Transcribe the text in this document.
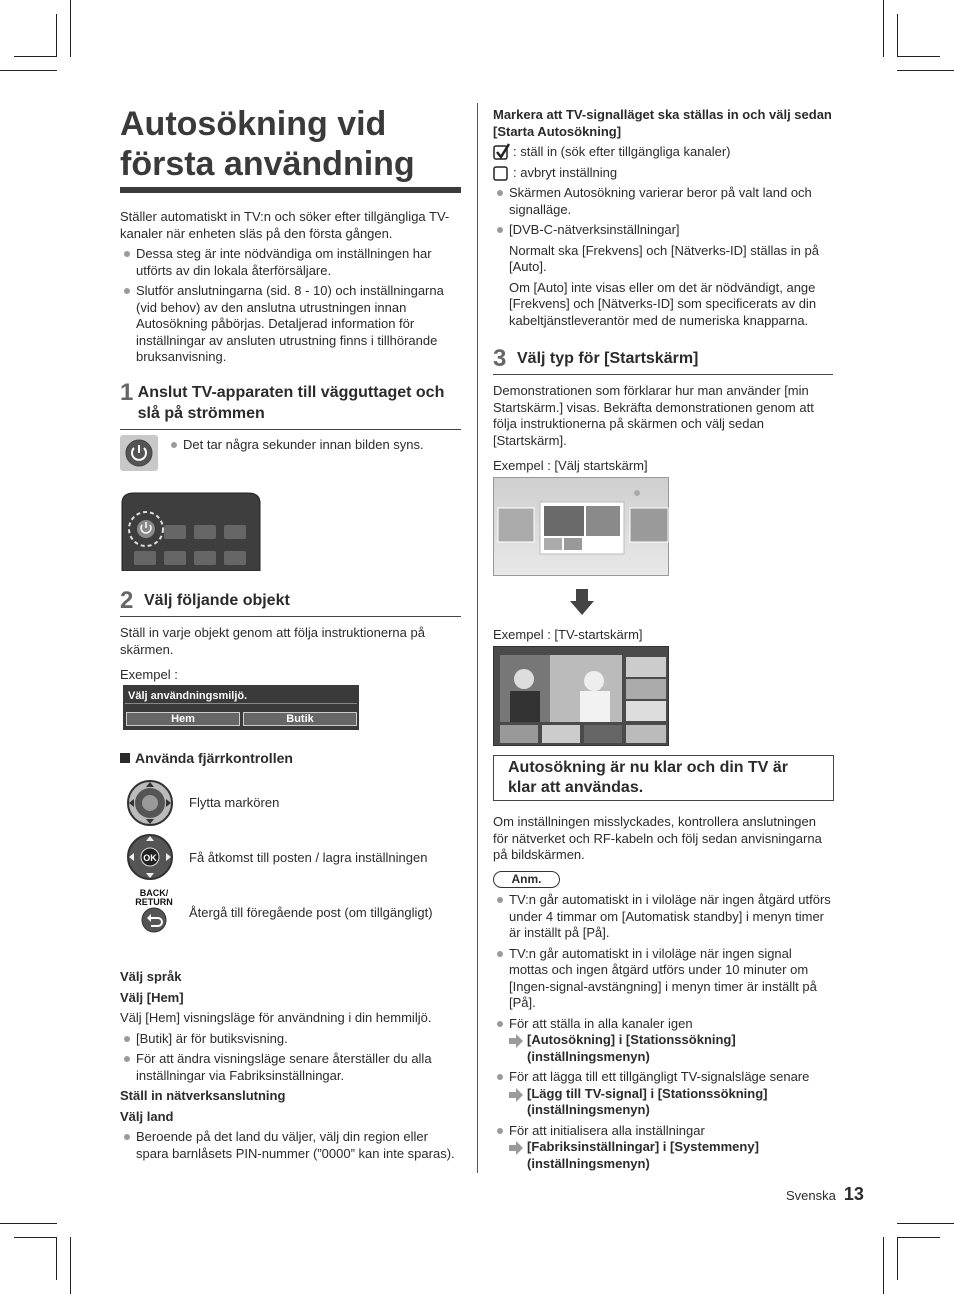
Autosökning vid första användning

Ställer automatiskt in TV:n och söker efter tillgängliga TV-kanaler när enheten släs på den första gången.

Dessa steg är inte nödvändiga om inställningen har utförts av din lokala återförsäljare.

Slutför anslutningarna (sid. 8 - 10) och inställningarna (vid behov) av den anslutna utrustningen innan Autosökning påbörjas. Detaljerad information för inställningar av ansluten utrustning finns i tillhörande bruksanvisning.

1 Anslut TV-apparaten till vägguttaget och slå på strömmen

Det tar några sekunder innan bilden syns.

2 Välj följande objekt

Ställ in varje objekt genom att följa instruktionerna på skärmen.

Exempel :

Välj användningsmiljö.
Hem	Butik
Använda fjärrkontrollen

Flytta markören

OK Få åtkomst till posten / lagra inställningen

BACK/
RETURN

Återgå till föregående post (om tillgängligt)

Välj språk

Välj [Hem]

Välj [Hem] visningsläge för användning i din hemmiljö.

[Butik] är för butiksvisning.

För att ändra visningsläge senare återställer du alla inställningar via Fabriksinställningar.

Ställ in nätverksanslutning

Välj land

Beroende på det land du väljer, välj din region eller spara barnlåsets PIN-nummer (”0000” kan inte sparas).

Markera att TV-signalläget ska ställas in och välj sedan [Starta Autosökning]

: ställ in (sök efter tillgängliga kanaler)
: avbryt inställning

Skärmen Autosökning varierar beror på valt land och signalläge.

[DVB-C-nätverksinställningar]

Normalt ska [Frekvens] och [Nätverks-ID] ställas in på [Auto].

Om [Auto] inte visas eller om det är nödvändigt, ange [Frekvens] och [Nätverks-ID] som specificerats av din kabeltjänstleverantör med de numeriska knapparna.

3 Välj typ för [Startskärm]

Demonstrationen som förklarar hur man använder [min Startskärm.] visas. Bekräfta demonstrationen genom att följa instruktionerna på skärmen och välj sedan [Startskärm].

Exempel : [Välj startskärm]

Exempel : [TV-startskärm]

Autosökning är nu klar och din TV är klar att användas.

Om inställningen misslyckades, kontrollera anslutningen för nätverket och RF-kabeln och följ sedan anvisningarna på bildskärmen.

Anm.

TV:n går automatiskt in i viloläge när ingen åtgärd utförs under 4 timmar om [Automatisk standby] i menyn timer är inställt på [På].

TV:n går automatiskt in i viloläge när ingen signal mottas och ingen åtgärd utförs under 10 minuter om [Ingen-signal-avstängning] i menyn timer är inställt på [På].

För att ställa in alla kanaler igen

[Autosökning] i [Stationssökning]
(inställningsmenyn)

För att lägga till ett tillgängligt TV-signalsläge senare

[Lägg till TV-signal] i [Stationssökning]
(inställningsmenyn)

För att initialisera alla inställningar

[Fabriksinställningar] i [Systemmeny]
(inställningsmenyn)
Svenska 13
